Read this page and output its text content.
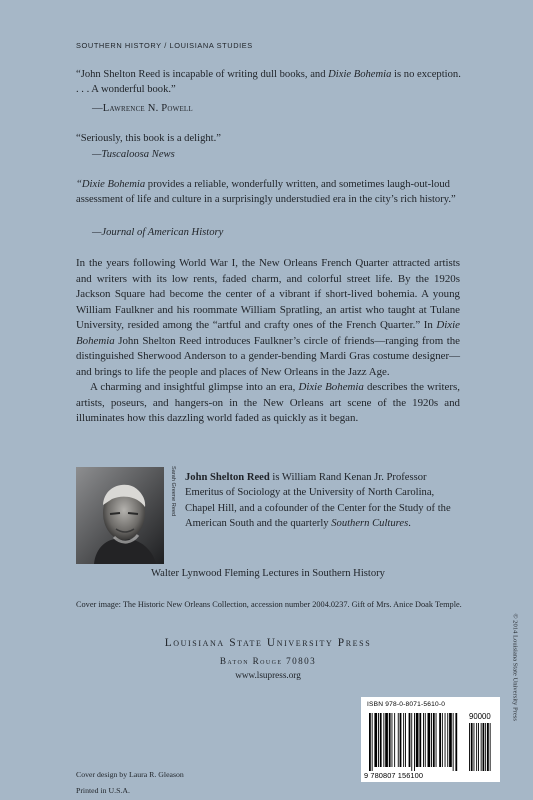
SOUTHERN HISTORY / LOUISIANA STUDIES
“John Shelton Reed is incapable of writing dull books, and Dixie Bohemia is no exception. . . . A wonderful book.”
—Lawrence N. Powell
“Seriously, this book is a delight.”
—Tuscaloosa News
“Dixie Bohemia provides a reliable, wonderfully written, and sometimes laugh-out-loud assessment of life and culture in a surprisingly understudied era in the city’s rich history.”
—Journal of American History

In the years following World War I, the New Orleans French Quarter attracted artists and writers with its low rents, faded charm, and colorful street life. By the 1920s Jackson Square had become the center of a vibrant if short-lived bohemia. A young William Faulkner and his roommate William Spratling, an artist who taught at Tulane University, resided among the “artful and crafty ones of the French Quarter.” In Dixie Bohemia John Shelton Reed introduces Faulkner’s circle of friends—ranging from the distinguished Sherwood Anderson to a gender-bending Mardi Gras costume designer—and brings to life the people and places of New Orleans in the Jazz Age.

A charming and insightful glimpse into an era, Dixie Bohemia describes the writers, artists, poseurs, and hangers-on in the New Orleans art scene of the 1920s and illuminates how this dazzling world faded as quickly as it began.

Sarah Greene Reed John Shelton Reed is William Rand Kenan Jr. Professor Emeritus of Sociology at the University of North Carolina, Chapel Hill, and a cofounder of the Center for the Study of the American South and the quarterly Southern Cultures.
Walter Lynwood Fleming Lectures in Southern History
Cover image: The Historic New Orleans Collection, accession number 2004.0237. Gift of Mrs. Anice Doak Temple.
Louisiana State University Press
Baton Rouge 70803
www.lsupress.org
ISBN 978-0-8071-5610-0
90000
9 780807 156100
Cover design by Laura R. Gleason
Printed in U.S.A.
© 2014 Louisiana State University Press
